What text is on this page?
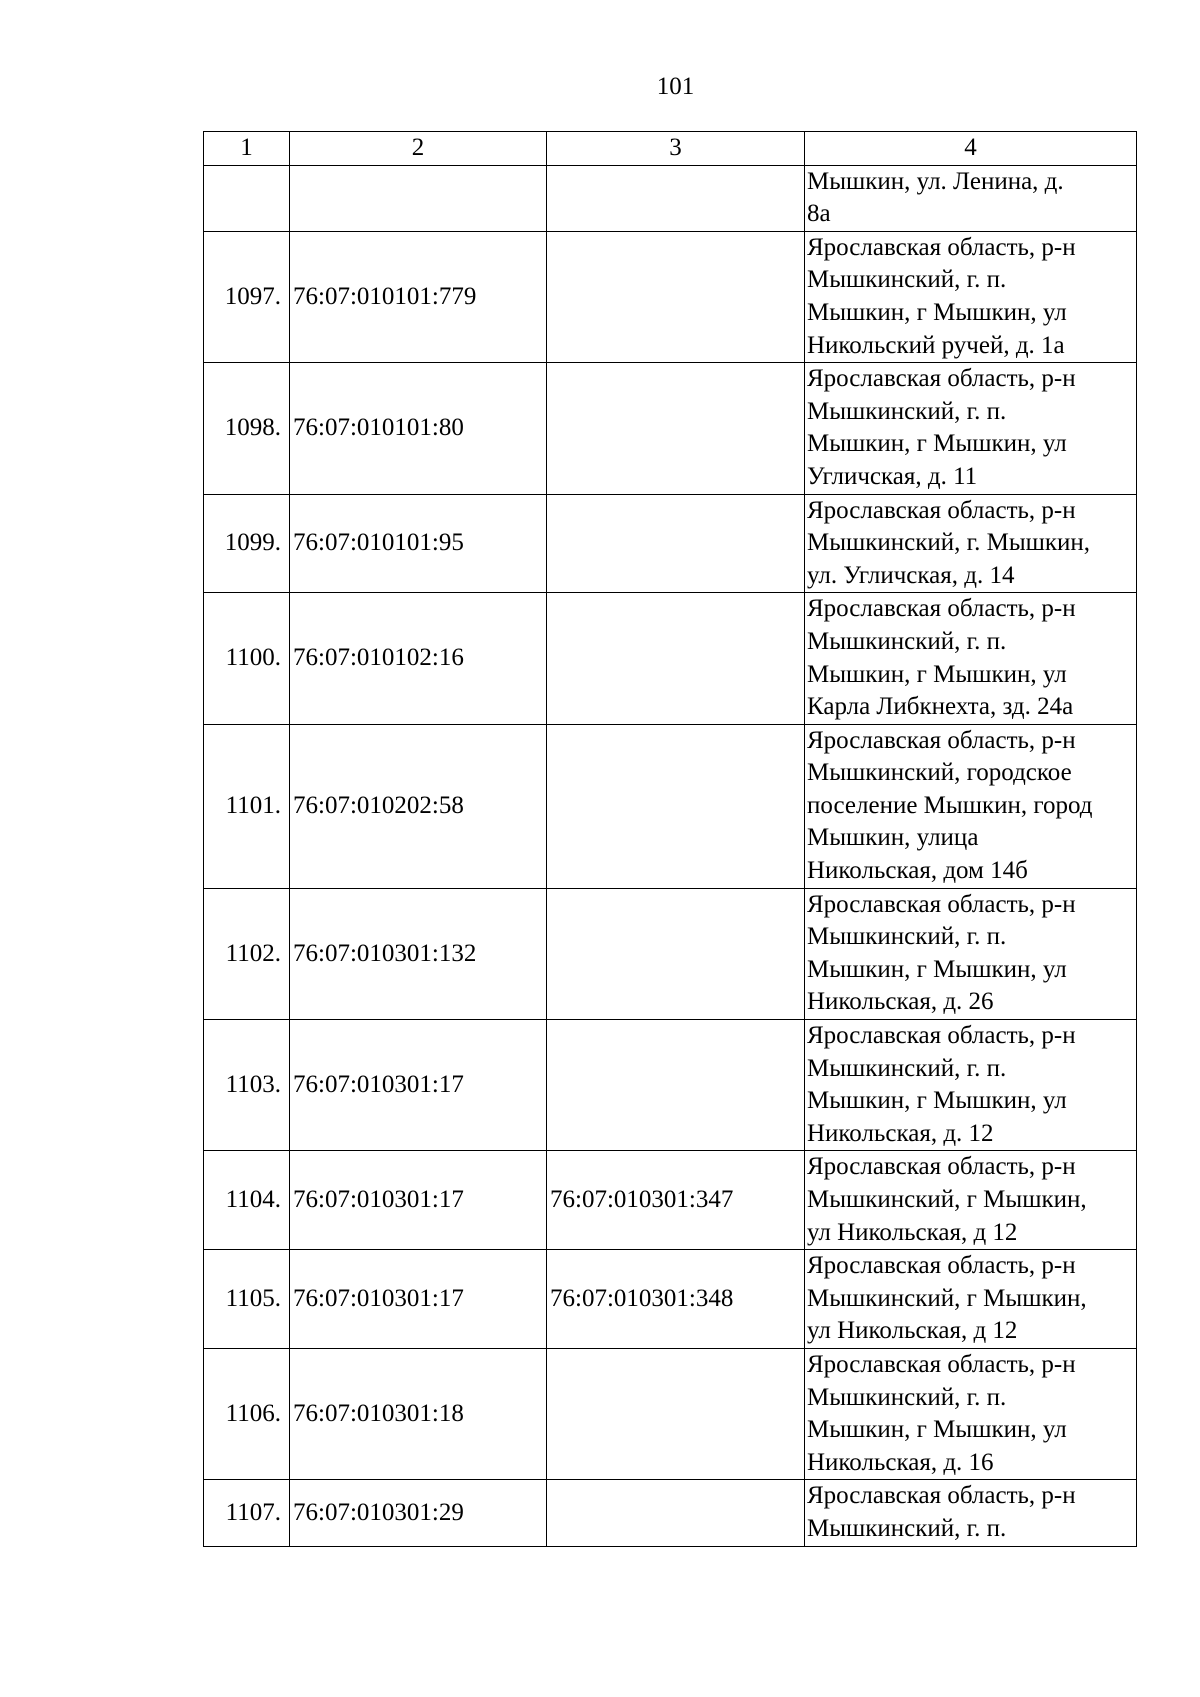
101
1	2	3	4
			Мышкин, ул. Ленина, д.
8а
1097.	76:07:010101:779		Ярославская область, р-н
Мышкинский, г. п.
Мышкин, г Мышкин, ул
Никольский ручей, д. 1а
1098.	76:07:010101:80		Ярославская область, р-н
Мышкинский, г. п.
Мышкин, г Мышкин, ул
Угличская, д. 11
1099.	76:07:010101:95		Ярославская область, р-н
Мышкинский, г. Мышкин,
ул. Угличская, д. 14
1100.	76:07:010102:16		Ярославская область, р-н
Мышкинский, г. п.
Мышкин, г Мышкин, ул
Карла Либкнехта, зд. 24а
1101.	76:07:010202:58		Ярославская область, р-н
Мышкинский, городское
поселение Мышкин, город
Мышкин, улица
Никольская, дом 14б
1102.	76:07:010301:132		Ярославская область, р-н
Мышкинский, г. п.
Мышкин, г Мышкин, ул
Никольская, д. 26
1103.	76:07:010301:17		Ярославская область, р-н
Мышкинский, г. п.
Мышкин, г Мышкин, ул
Никольская, д. 12
1104.	76:07:010301:17	76:07:010301:347	Ярославская область, р-н
Мышкинский, г Мышкин,
ул Никольская, д 12
1105.	76:07:010301:17	76:07:010301:348	Ярославская область, р-н
Мышкинский, г Мышкин,
ул Никольская, д 12
1106.	76:07:010301:18		Ярославская область, р-н
Мышкинский, г. п.
Мышкин, г Мышкин, ул
Никольская, д. 16
1107.	76:07:010301:29		Ярославская область, р-н
Мышкинский, г. п.
